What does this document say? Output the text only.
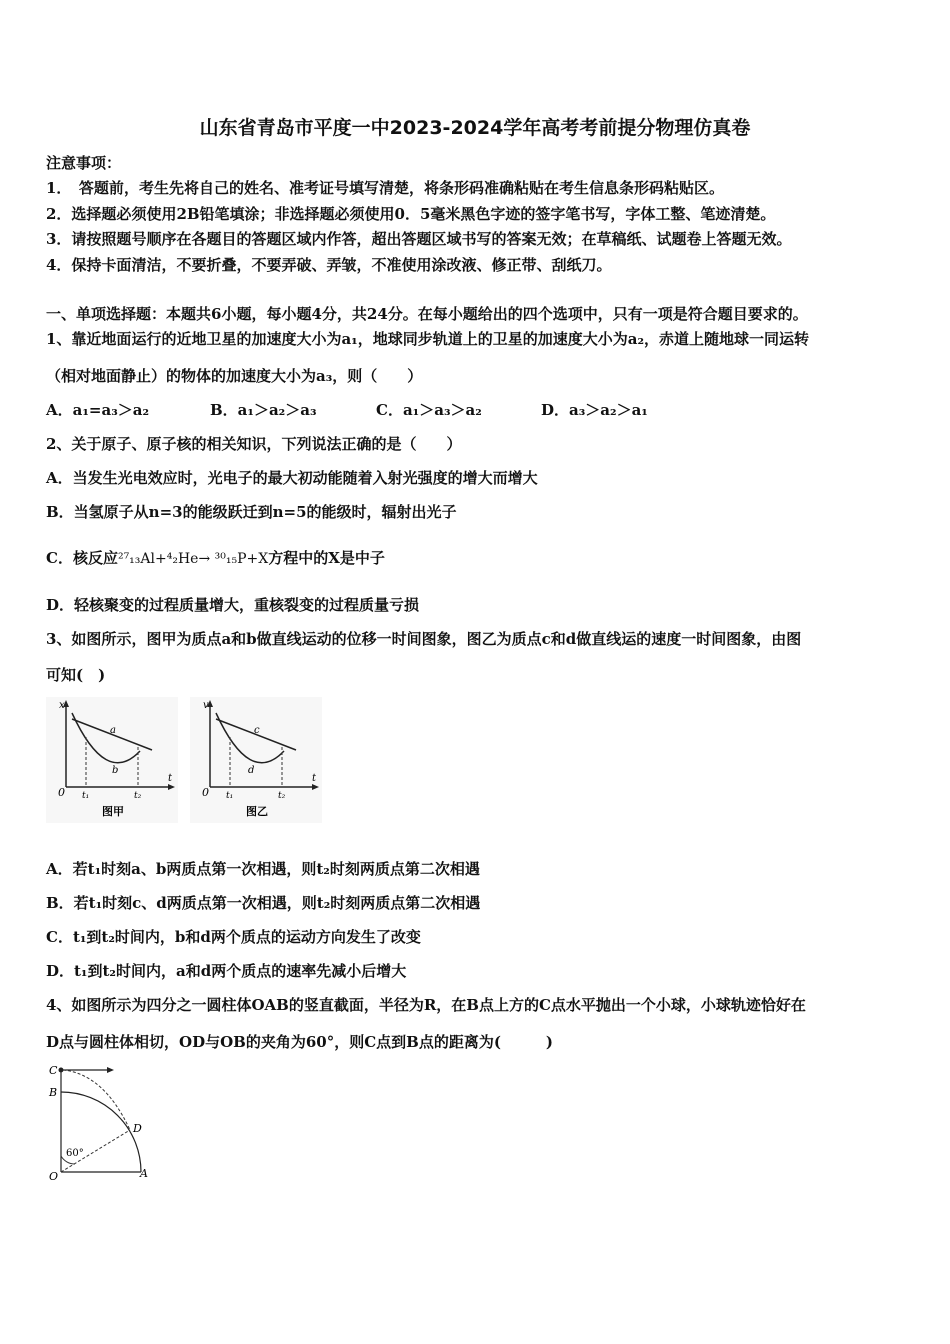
山东省青岛市平度一中2023-2024学年高考考前提分物理仿真卷
注意事项：
1．　答题前，考生先将自己的姓名、准考证号填写清楚，将条形码准确粘贴在考生信息条形码粘贴区。
2．选择题必须使用2B铅笔填涂；非选择题必须使用0．5毫米黑色字迹的签字笔书写，字体工整、笔迹清楚。
3．请按照题号顺序在各题目的答题区域内作答，超出答题区域书写的答案无效；在草稿纸、试题卷上答题无效。
4．保持卡面清洁，不要折叠，不要弄破、弄皱，不准使用涂改液、修正带、刮纸刀。
一、单项选择题：本题共6小题，每小题4分，共24分。在每小题给出的四个选项中，只有一项是符合题目要求的。
1、靠近地面运行的近地卫星的加速度大小为a₁，地球同步轨道上的卫星的加速度大小为a₂，赤道上随地球一同运转
（相对地面静止）的物体的加速度大小为a₃，则（　　）
A．a₁=a₃＞a₂	B．a₁＞a₂＞a₃	C．a₁＞a₃＞a₂	D．a₃＞a₂＞a₁
2、关于原子、原子核的相关知识，下列说法正确的是（　　）
A．当发生光电效应时，光电子的最大初动能随着入射光强度的增大而增大
B．当氢原子从n=3的能级跃迁到n=5的能级时，辐射出光子
C．核反应²⁷₁₃Al+⁴₂He→ ³⁰₁₅P+X方程中的X是中子
D．轻核聚变的过程质量增大，重核裂变的过程质量亏损
3、如图所示，图甲为质点a和b做直线运动的位移一时间图象，图乙为质点c和d做直线运的速度一时间图象，由图
可知(　)
x
t
0 t₁	t₂
a
b
图甲
v
t
0 t₁	t₂
c
d
图乙
A．若t₁时刻a、b两质点第一次相遇，则t₂时刻两质点第二次相遇
B．若t₁时刻c、d两质点第一次相遇，则t₂时刻两质点第二次相遇
C．t₁到t₂时间内，b和d两个质点的运动方向发生了改变
D．t₁到t₂时间内，a和d两个质点的速率先减小后增大
4、如图所示为四分之一圆柱体OAB的竖直截面，半径为R，在B点上方的C点水平抛出一个小球，小球轨迹恰好在
D点与圆柱体相切，OD与OB的夹角为60°，则C点到B点的距离为(　　　)
C
B
D
O	A
60°
